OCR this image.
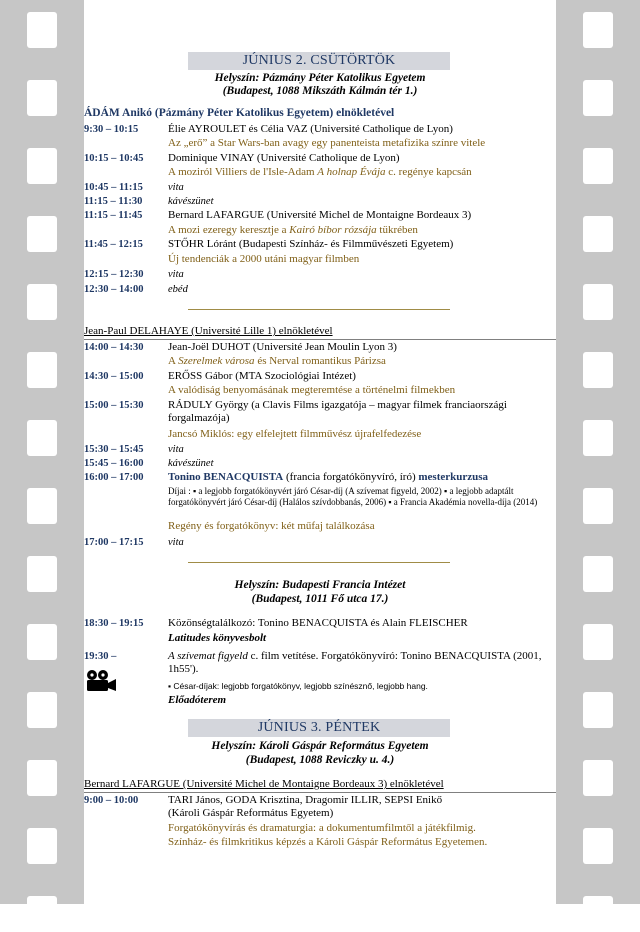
JÚNIUS 2. CSÜTÖRTÖK
Helyszín: Pázmány Péter Katolikus Egyetem
(Budapest, 1088 Mikszáth Kálmán tér 1.)
ÁDÁM Anikó (Pázmány Péter Katolikus Egyetem) elnökletével
9:30 – 10:15	Élie AYROULET és Célia VAZ (Université Catholique de Lyon)
Az „erő” a Star Wars-ban avagy egy panenteista metafizika színre vitele
10:15 – 10:45 Dominique VINAY (Université Catholique de Lyon)
A moziról Villiers de l'Isle-Adam A holnap Évája c. regénye kapcsán
10:45 – 11:15 vita
11:15 – 11:30 kávészünet
11:15 – 11:45 Bernard LAFARGUE (Université Michel de Montaigne Bordeaux 3)
A mozi ezeregy keresztje a Kairó bíbor rózsája tükrében
11:45 – 12:15 STŐHR Lóránt (Budapesti Színház- és Filmművészeti Egyetem)
Új tendenciák a 2000 utáni magyar filmben
12:15 – 12:30 vita
12:30 – 14:00 ebéd
Jean-Paul DELAHAYE (Université Lille 1) elnökletével
14:00 – 14:30 Jean-Joël DUHOT (Université Jean Moulin Lyon 3)
A Szerelmek városa és Nerval romantikus Párizsa
14:30 – 15:00 ERŐSS Gábor (MTA Szociológiai Intézet)
A valódiság benyomásának megteremtése a történelmi filmekben
15:00 – 15:30 RÁDULY György (a Clavis Films igazgatója – magyar filmek franciaországi forgalmazója)
Jancsó Miklós: egy elfelejtett filmművész újrafelfedezése
15:30 – 15:45 vita
15:45 – 16:00 kávészünet
16:00 – 17:00 Tonino BENACQUISTA (francia forgatókönyvíró, író) mesterkurzusa
Díjai : ▪ a legjobb forgatókönyvért járó César-díj (A szívemat figyeld, 2002) ▪ a legjobb adaptált forgatókönyvért járó César-díj (Halálos szívdobbanás, 2006) ▪ a Francia Akadémia novella-díja (2014)
Regény és forgatókönyv: két műfaj találkozása
17:00 – 17:15 vita
Helyszín: Budapesti Francia Intézet
(Budapest, 1011 Fő utca 17.)
18:30 – 19:15 Közönségtalálkozó: Tonino BENACQUISTA és Alain FLEISCHER
Latitudes könyvesbolt
19:30 –	A szívemat figyeld c. film vetítése. Forgatókönyvíró: Tonino BENACQUISTA (2001, 1h55').
▪ César-díjak: legjobb forgatókönyv, legjobb színésznő, legjobb hang.
Előadóterem
JÚNIUS 3. PÉNTEK
Helyszín: Károli Gáspár Református Egyetem
(Budapest, 1088 Reviczky u. 4.)
Bernard LAFARGUE (Université Michel de Montaigne Bordeaux 3) elnökletével
9:00 – 10:00	TARI János, GODA Krisztina, Dragomir ILLIR, SEPSI Enikő
(Károli Gáspár Református Egyetem)
Forgatókönyvírás és dramaturgia: a dokumentumfilmtől a játékfilmig.
Színház- és filmkritikus képzés a Károli Gáspár Református Egyetemen.
